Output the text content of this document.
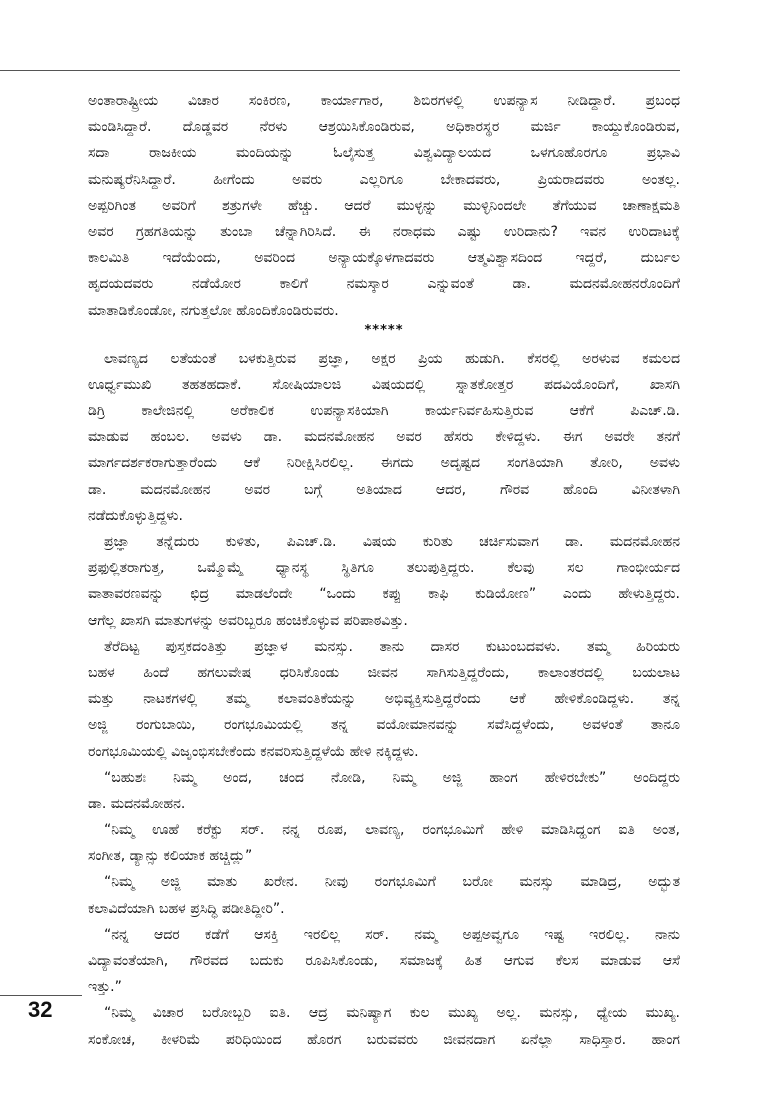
ಅಂತಾರಾಷ್ಟ್ರೀಯ ವಿಚಾರ ಸಂಕಿರಣ, ಕಾರ್ಯಾಗಾರ, ಶಿಬಿರಗಳಲ್ಲಿ ಉಪನ್ಯಾಸ ನೀಡಿದ್ದಾರೆ. ಪ್ರಬಂಧ
ಮಂಡಿಸಿದ್ದಾರೆ. ದೊಡ್ಡವರ ನೆರಳು ಆಶ್ರಯಿಸಿಕೊಂಡಿರುವ, ಅಧಿಕಾರಸ್ಥರ ಮರ್ಜಿ ಕಾಯ್ದುಕೊಂಡಿರುವ,
ಸದಾ ರಾಜಕೀಯ ಮಂದಿಯನ್ನು ಓಲೈಸುತ್ತ ವಿಶ್ವವಿದ್ಯಾಲಯದ ಒಳಗೂಹೊರಗೂ ಪ್ರಭಾವಿ
ಮನುಷ್ಯರೆನಿಸಿದ್ದಾರೆ. ಹೀಗೆಂದು ಅವರು ಎಲ್ಲರಿಗೂ ಬೇಕಾದವರು, ಪ್ರಿಯರಾದವರು ಅಂತಲ್ಲ.
ಅಪ್ಪರಿಗಿಂತ ಅವರಿಗೆ ಶತ್ರುಗಳೇ ಹೆಚ್ಚು. ಆದರೆ ಮುಳ್ಳನ್ನು ಮುಳ್ಳಿನಿಂದಲೇ ತೆಗೆಯುವ ಚಾಣಾಕ್ಷಮತಿ
ಅವರ ಗ್ರಹಗತಿಯನ್ನು ತುಂಬಾ ಚೆನ್ನಾಗಿರಿಸಿದೆ. ಈ ನರಾಧಮ ಎಷ್ಟು ಉರಿದಾನು? ಇವನ ಉರಿದಾಟಕ್ಕೆ
ಕಾಲಮಿತಿ ಇದೆಯೆಂದು, ಅವರಿಂದ ಅನ್ಯಾಯಕ್ಕೊಳಗಾದವರು ಆತ್ಮವಿಶ್ವಾಸದಿಂದ ಇದ್ದರೆ, ದುರ್ಬಲ
ಹೃದಯದವರು ನಡೆಯೋರ ಕಾಲಿಗೆ ನಮಸ್ಕಾರ ಎನ್ನುವಂತೆ ಡಾ. ಮದನಮೋಹನರೊಂದಿಗೆ
ಮಾತಾಡಿಕೊಂಡೋ, ನಗುತ್ತಲೋ ಹೊಂದಿಕೊಂಡಿರುವರು.
*****
ಲಾವಣ್ಯದ ಲತೆಯಂತೆ ಬಳಕುತ್ತಿರುವ ಪ್ರಜ್ಞಾ, ಅಕ್ಷರ ಪ್ರಿಯ ಹುಡುಗಿ. ಕೆಸರಲ್ಲಿ ಅರಳುವ ಕಮಲದ
ಊರ್ಧ್ವಮುಖಿ ತಹತಹದಾಕೆ. ಸೋಷಿಯಾಲಜಿ ವಿಷಯದಲ್ಲಿ ಸ್ನಾತಕೋತ್ತರ ಪದವಿಯೊಂದಿಗೆ, ಖಾಸಗಿ
ಡಿಗ್ರಿ ಕಾಲೇಜಿನಲ್ಲಿ ಅರೆಕಾಲಿಕ ಉಪನ್ಯಾಸಕಿಯಾಗಿ ಕಾರ್ಯನಿರ್ವಹಿಸುತ್ತಿರುವ ಆಕೆಗೆ ಪಿಎಚ್.ಡಿ.
ಮಾಡುವ ಹಂಬಲ. ಅವಳು ಡಾ. ಮದನಮೋಹನ ಅವರ ಹೆಸರು ಕೇಳಿದ್ದಳು. ಈಗ ಅವರೇ ತನಗೆ
ಮಾರ್ಗದರ್ಶಕರಾಗುತ್ತಾರೆಂದು ಆಕೆ ನಿರೀಕ್ಷಿಸಿರಲಿಲ್ಲ. ಈಗದು ಅದೃಷ್ಟದ ಸಂಗತಿಯಾಗಿ ತೋರಿ, ಅವಳು
ಡಾ. ಮದನಮೋಹನ ಅವರ ಬಗ್ಗೆ ಅತಿಯಾದ ಆದರ, ಗೌರವ ಹೊಂದಿ ವಿನೀತಳಾಗಿ
ನಡೆದುಕೊಳ್ಳುತ್ತಿದ್ದಳು.
ಪ್ರಜ್ಞಾ ತನ್ನೆದುರು ಕುಳಿತು, ಪಿಎಚ್.ಡಿ. ವಿಷಯ ಕುರಿತು ಚರ್ಚಿಸುವಾಗ ಡಾ. ಮದನಮೋಹನ
ಪ್ರಫುಲ್ಲಿತರಾಗುತ್ತ, ಒಮ್ಮೊಮ್ಮೆ ಧ್ಯಾನಸ್ಥ ಸ್ಥಿತಿಗೂ ತಲುಪುತ್ತಿದ್ದರು. ಕೆಲವು ಸಲ ಗಾಂಭೀರ್ಯದ
ವಾತಾವರಣವನ್ನು ಛಿದ್ರ ಮಾಡಲೆಂದೇ “ಒಂದು ಕಪ್ಪು ಕಾಫಿ ಕುಡಿಯೋಣ” ಎಂದು ಹೇಳುತ್ತಿದ್ದರು.
ಆಗೆಲ್ಲ ಖಾಸಗಿ ಮಾತುಗಳನ್ನು ಅವರಿಬ್ಬರೂ ಹಂಚಿಕೊಳ್ಳುವ ಪರಿಪಾಠವಿತ್ತು.
ತೆರೆದಿಟ್ಟ ಪುಸ್ತಕದಂತಿತ್ತು ಪ್ರಜ್ಞಾಳ ಮನಸ್ಸು. ತಾನು ದಾಸರ ಕುಟುಂಬದವಳು. ತಮ್ಮ ಹಿರಿಯರು
ಬಹಳ ಹಿಂದೆ ಹಗಲುವೇಷ ಧರಿಸಿಕೊಂಡು ಜೀವನ ಸಾಗಿಸುತ್ತಿದ್ದರೆಂದು, ಕಾಲಾಂತರದಲ್ಲಿ ಬಯಲಾಟ
ಮತ್ತು ನಾಟಕಗಳಲ್ಲಿ ತಮ್ಮ ಕಲಾವಂತಿಕೆಯನ್ನು ಅಭಿವ್ಯಕ್ತಿಸುತ್ತಿದ್ದರೆಂದು ಆಕೆ ಹೇಳಿಕೊಂಡಿದ್ದಳು. ತನ್ನ
ಅಜ್ಜಿ ರಂಗುಬಾಯಿ, ರಂಗಭೂಮಿಯಲ್ಲಿ ತನ್ನ ವಯೋಮಾನವನ್ನು ಸವೆಸಿದ್ದಳೆಂದು, ಅವಳಂತೆ ತಾನೂ
ರಂಗಭೂಮಿಯಲ್ಲಿ ವಿಜೃಂಭಿಸಬೇಕೆಂದು ಕನವರಿಸುತ್ತಿದ್ದಳೆಯೆ ಹೇಳಿ ನಕ್ಕಿದ್ದಳು.
“ಬಹುಶಃ ನಿಮ್ಮ ಅಂದ, ಚಂದ ನೋಡಿ, ನಿಮ್ಮ ಅಜ್ಜಿ ಹಾಂಗ ಹೇಳಿರಬೇಕು” ಅಂದಿದ್ದರು
ಡಾ. ಮದನಮೋಹನ.
“ನಿಮ್ಮ ಊಹೆ ಕರೆಕ್ಟು ಸರ್. ನನ್ನ ರೂಪ, ಲಾವಣ್ಯ, ರಂಗಭೂಮಿಗೆ ಹೇಳಿ ಮಾಡಿಸಿದ್ಹಂಗ ಐತಿ ಅಂತ,
ಸಂಗೀತ, ಡ್ಯಾನ್ಸು ಕಲಿಯಾಕ ಹಚ್ಚಿದ್ಲು”
“ನಿಮ್ಮ ಅಜ್ಜಿ ಮಾತು ಖರೇನ. ನೀವು ರಂಗಭೂಮಿಗೆ ಬರೋ ಮನಸ್ಸು ಮಾಡಿದ್ರ, ಅದ್ಭುತ
ಕಲಾವಿದೆಯಾಗಿ ಬಹಳ ಪ್ರಸಿದ್ಧಿ ಪಡೀತಿದ್ದೀರಿ”.
“ನನ್ನ ಆದರ ಕಡೆಗೆ ಆಸಕ್ತಿ ಇರಲಿಲ್ಲ ಸರ್. ನಮ್ಮ ಅಪ್ಪಅವ್ವಗೂ ಇಷ್ಟ ಇರಲಿಲ್ಲ. ನಾನು
ವಿದ್ಯಾವಂತೆಯಾಗಿ, ಗೌರವದ ಬದುಕು ರೂಪಿಸಿಕೊಂಡು, ಸಮಾಜಕ್ಕೆ ಹಿತ ಆಗುವ ಕೆಲಸ ಮಾಡುವ ಆಸೆ
ಇತ್ತು.”
“ನಿಮ್ಮ ವಿಚಾರ ಬರೋಬ್ಬರಿ ಐತಿ. ಆದ್ರ ಮನಿಷ್ಯಾಗ ಕುಲ ಮುಖ್ಯ ಅಲ್ಲ. ಮನಸ್ಸು, ಧ್ಯೇಯ ಮುಖ್ಯ.
ಸಂಕೋಚ, ಕೀಳರಿಮೆ ಪರಿಧಿಯಿಂದ ಹೊರಗ ಬರುವವರು ಜೀವನದಾಗ ಏನೆಲ್ಲಾ ಸಾಧಿಸ್ತಾರ. ಹಾಂಗ
32
